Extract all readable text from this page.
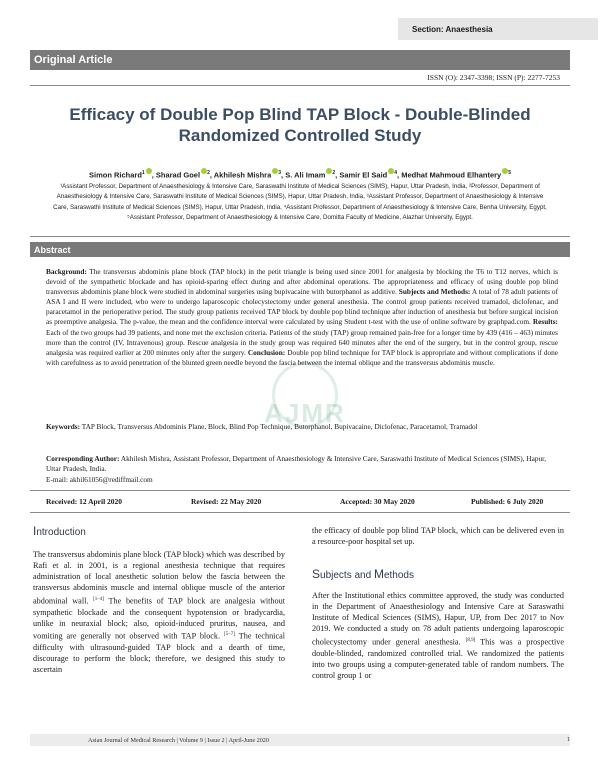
Section: Anaesthesia
Original Article
ISSN (O): 2347-3398; ISSN (P): 2277-7253
Efficacy of Double Pop Blind TAP Block - Double-Blinded Randomized Controlled Study
Simon Richard$^1$ , Sharad Goel $^2$, Akhilesh Mishra $^3$, S. Ali Imam $^2$, Samir El Said $^4$, Medhat Mahmoud Elhantery $^5$
¹Assistant Professor, Department of Anaesthesiology & Intensive Care, Saraswathi Institute of Medical Sciences (SIMS), Hapur, Uttar Pradesh, India, ²Professor, Department of Anaesthesiology & Intensive Care, Saraswathi Institute of Medical Sciences (SIMS), Hapur, Uttar Pradesh, India, ³Assistant Professor, Department of Anaesthesiology & Intensive Care, Saraswathi Institute of Medical Sciences (SIMS), Hapur, Uttar Pradesh, India, ⁴Assistant Professor, Department of Anaesthesiology & Intensive Care, Benha University, Egypt, ⁵Assistant Professor, Department of Anaesthesiology & Intensive Care, Domitta Faculty of Medicine, Alazhar University, Egypt.
Abstract
AJMR
Background: The transversus abdominis plane block (TAP block) in the petit triangle is being used since 2001 for analgesia by blocking the T6 to T12 nerves, which is devoid of the sympathetic blockade and has opioid-sparing effect during and after abdominal operations. The appropriateness and efficacy of using double pop blind transversus abdominis plane block were studied in abdominal surgeries using bupivacaine with butorphanol as additive. Subjects and Methods: A total of 78 adult patients of ASA I and II were included, who were to undergo laparoscopic cholecystectomy under general anesthesia. The control group patients received tramadol, diclofenac, and paracetamol in the perioperative period. The study group patients received TAP block by double pop blind technique after induction of anesthesia but before surgical incision as preemptive analgesia. The p-value, the mean and the confidence interval were calculated by using Student t-test with the use of online software by graphpad.com. Results: Each of the two groups had 39 patients, and none met the exclusion criteria. Patients of the study (TAP) group remained pain-free for a longer time by 439 (416 – 463) minutes more than the control (IV, Intravenous) group. Rescue analgesia in the study group was required 640 minutes after the end of the surgery, but in the control group, rescue analgesia was required earlier at 200 minutes only after the surgery. Conclusion: Double pop blind technique for TAP block is appropriate and without complications if done with carefulness as to avoid penetration of the blunted green needle beyond the fascia between the internal oblique and the transversus abdominis muscle.
Keywords: TAP Block, Transversus Abdominis Plane, Block, Blind Pop Technique, Butorphanol, Bupivacaine, Diclofenac, Paracetamol, Tramadol
Corresponding Author: Akhilesh Mishra, Assistant Professor, Department of Anaesthesiology & Intensive Care, Saraswathi Institute of Medical Sciences (SIMS), Hapur, Uttar Pradesh, India.
E-mail: akhil61056@rediffmail.com
Received: 12 April 2020	Revised: 22 May 2020	Accepted: 30 May 2020	Published: 6 July 2020
Introduction
The transversus abdominis plane block (TAP block) which was described by Rafi et al. in 2001, is a regional anesthesia technique that requires administration of local anesthetic solution below the fascia between the transversus abdominis muscle and internal oblique muscle of the anterior abdominal wall. [1–4] The benefits of TAP block are analgesia without sympathetic blockade and the consequent hypotension or bradycardia, unlike in neuraxial block; also, opioid-induced pruritus, nausea, and vomiting are generally not observed with TAP block. [5–7] The technical difficulty with ultrasound-guided TAP block and a dearth of time, discourage to perform the block; therefore, we designed this study to ascertain
the efficacy of double pop blind TAP block, which can be delivered even in a resource-poor hospital set up.
Subjects and Methods
After the Institutional ethics committee approved, the study was conducted in the Department of Anaesthesiology and Intensive Care at Saraswathi Institute of Medical Sciences (SIMS), Hapur, UP, from Dec 2017 to Nov 2019. We conducted a study on 78 adult patients undergoing laparoscopic cholecystectomy under general anesthesia. [8,9] This was a prospective double-blinded, randomized controlled trial. We randomized the patients into two groups using a computer-generated table of random numbers. The control group 1 or
Asian Journal of Medical Research | Volume 9 | Issue 2 | April-June 2020	1
